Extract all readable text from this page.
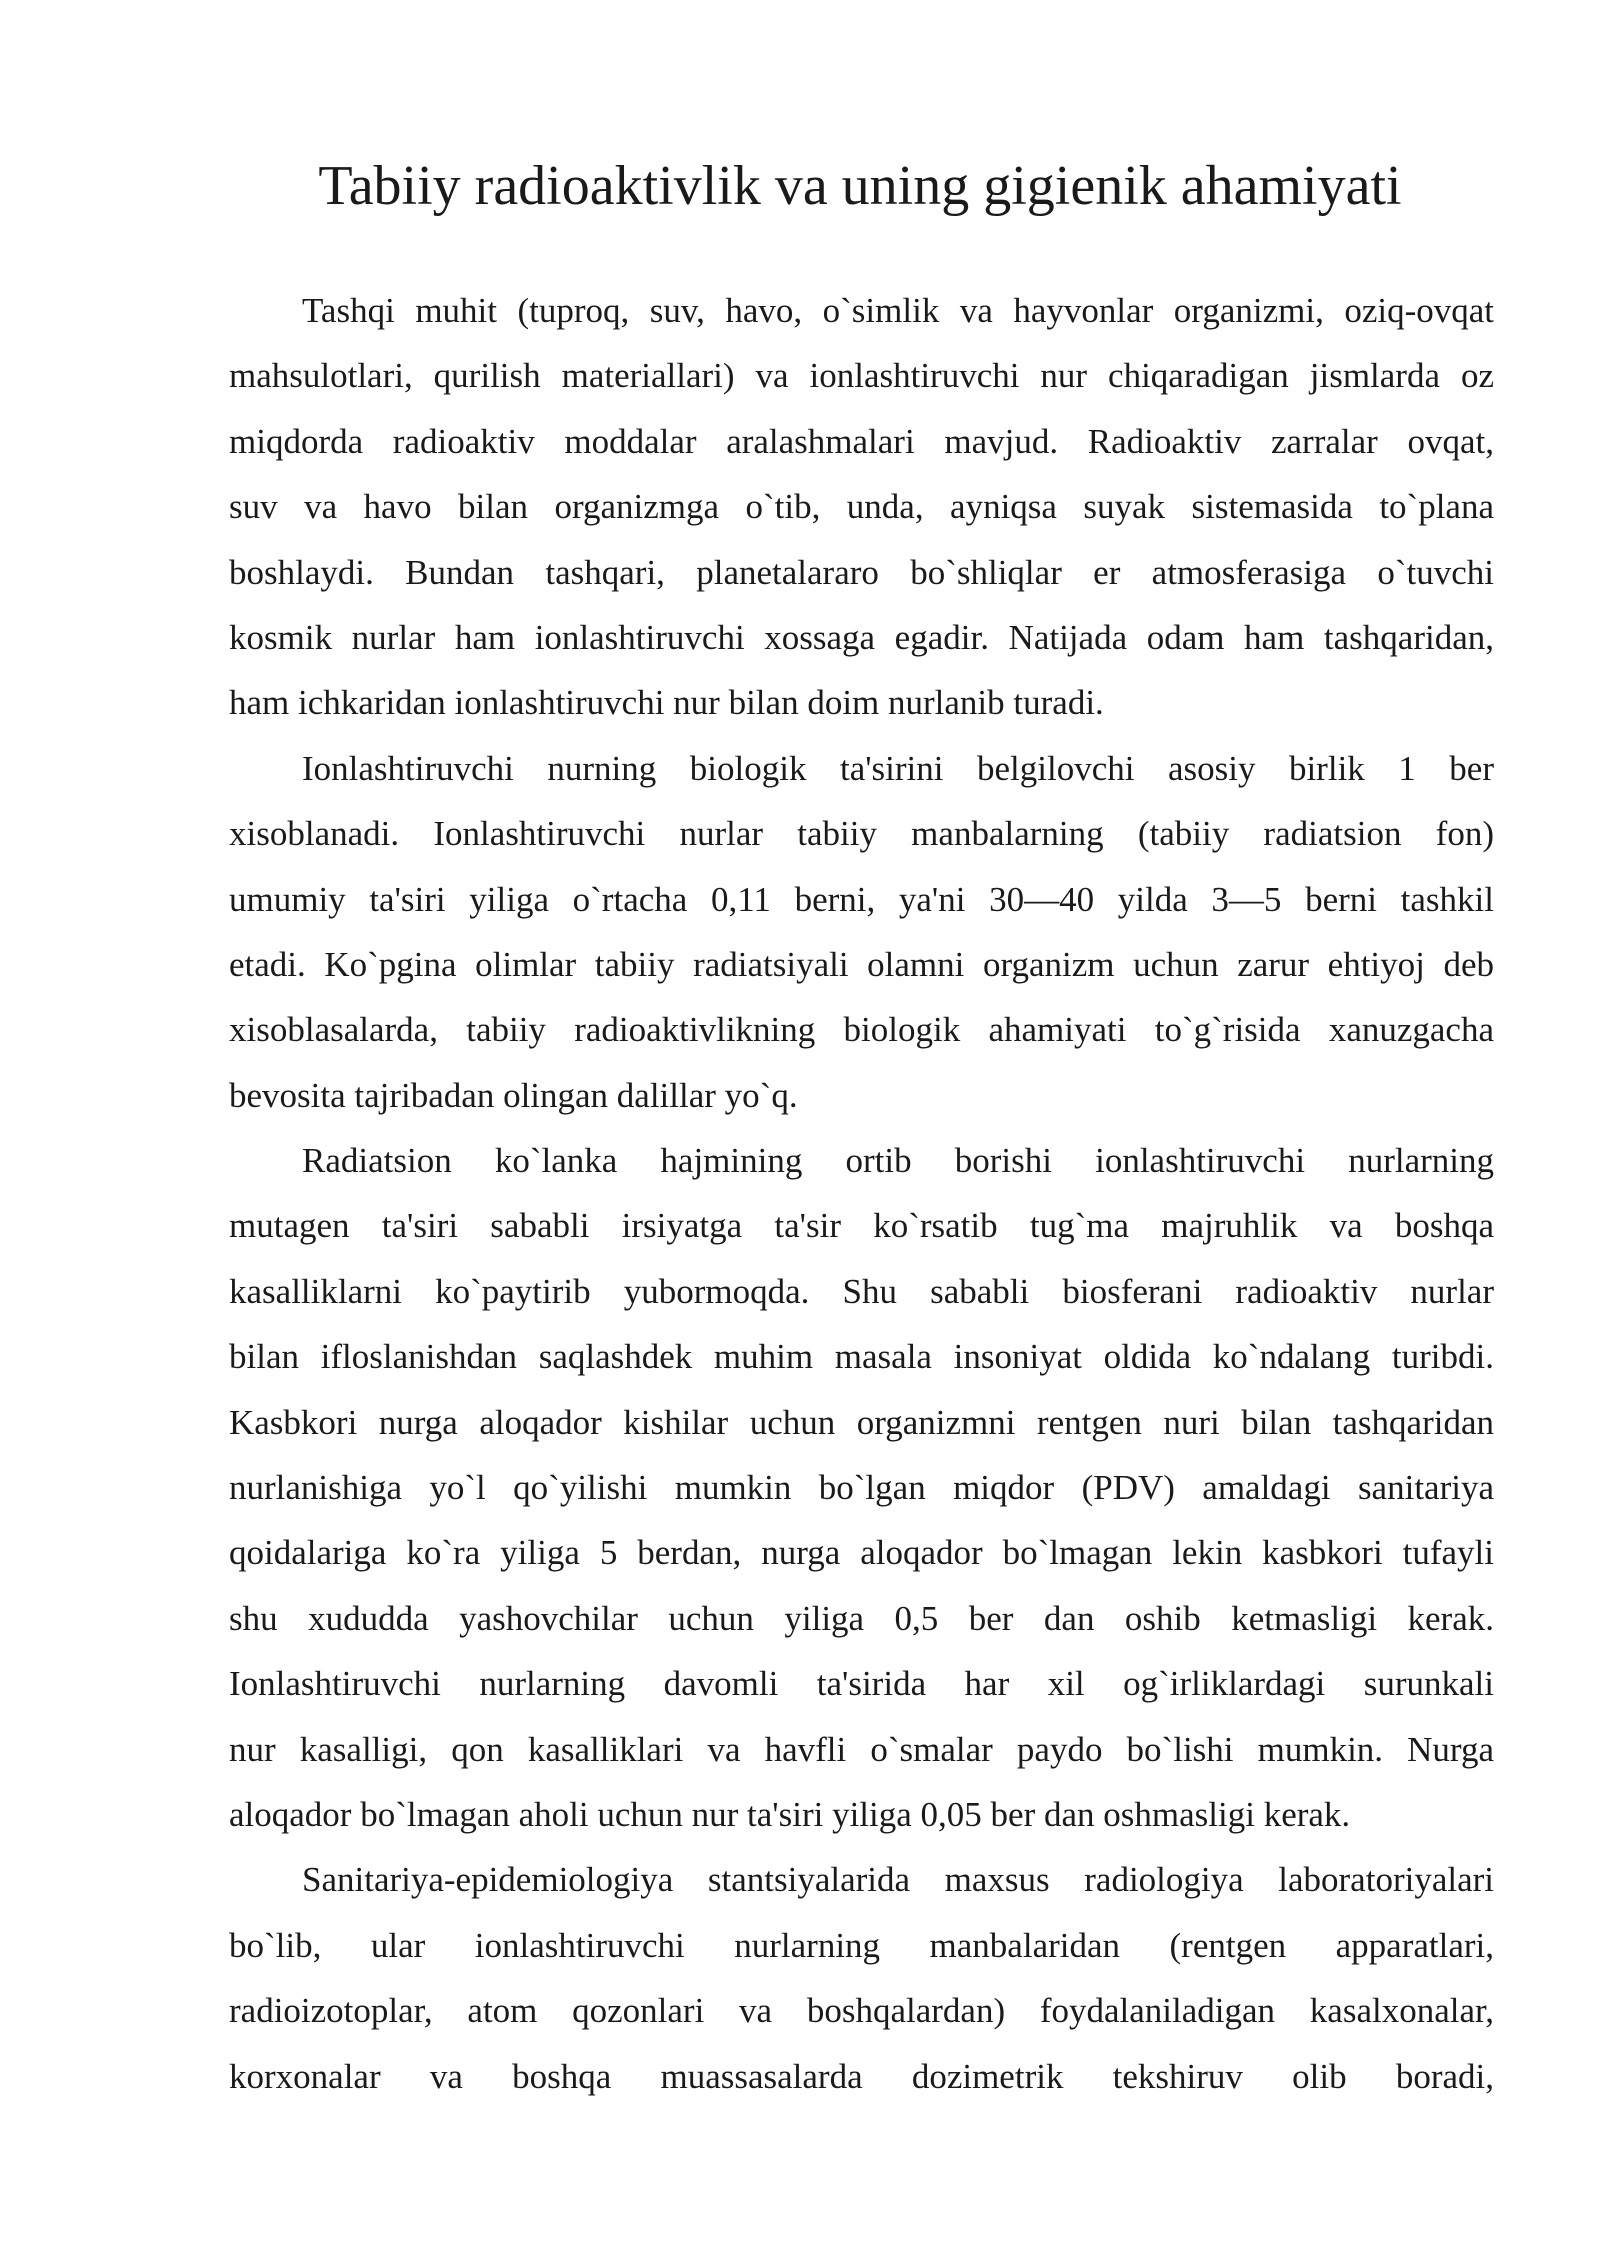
Tabiiy radioaktivlik va uning gigienik ahamiyati
Tashqi muhit (tuproq, suv, havo, o`simlik va hayvonlar organizmi, oziq-ovqat
mahsulotlari, qurilish materiallari) va ionlashtiruvchi nur chiqaradigan jismlarda oz
miqdorda radioaktiv moddalar aralashmalari mavjud. Radioaktiv zarralar ovqat,
suv va havo bilan organizmga o`tib, unda, ayniqsa suyak sistemasida to`plana
boshlaydi. Bundan tashqari, planetalararo bo`shliqlar er atmosferasiga o`tuvchi
kosmik nurlar ham ionlashtiruvchi xossaga egadir. Natijada odam ham tashqaridan,
ham ichkaridan ionlashtiruvchi nur bilan doim nurlanib turadi.
Ionlashtiruvchi nurning biologik ta'sirini belgilovchi asosiy birlik 1 ber
xisoblanadi. Ionlashtiruvchi nurlar tabiiy manbalarning (tabiiy radiatsion fon)
umumiy ta'siri yiliga o`rtacha 0,11 berni, ya'ni 30—40 yilda 3—5 berni tashkil
etadi. Ko`pgina olimlar tabiiy radiatsiyali olamni organizm uchun zarur ehtiyoj deb
xisoblasalarda, tabiiy radioaktivlikning biologik ahamiyati to`g`risida xanuzgacha
bevosita tajribadan olingan dalillar yo`q.
Radiatsion ko`lanka hajmining ortib borishi ionlashtiruvchi nurlarning
mutagen ta'siri sababli irsiyatga ta'sir ko`rsatib tug`ma majruhlik va boshqa
kasalliklarni ko`paytirib yubormoqda. Shu sababli biosferani radioaktiv nurlar
bilan ifloslanishdan saqlashdek muhim masala insoniyat oldida ko`ndalang turibdi.
Kasbkori nurga aloqador kishilar uchun organizmni rentgen nuri bilan tashqaridan
nurlanishiga yo`l qo`yilishi mumkin bo`lgan miqdor (PDV) amaldagi sanitariya
qoidalariga ko`ra yiliga 5 berdan, nurga aloqador bo`lmagan lekin kasbkori tufayli
shu xududda yashovchilar uchun yiliga 0,5 ber dan oshib ketmasligi kerak.
Ionlashtiruvchi nurlarning davomli ta'sirida har xil og`irliklardagi surunkali
nur kasalligi, qon kasalliklari va havfli o`smalar paydo bo`lishi mumkin. Nurga
aloqador bo`lmagan aholi uchun nur ta'siri yiliga 0,05 ber dan oshmasligi kerak.
Sanitariya-epidemiologiya stantsiyalarida maxsus radiologiya laboratoriyalari
bo`lib, ular ionlashtiruvchi nurlarning manbalaridan (rentgen apparatlari,
radioizotoplar, atom qozonlari va boshqalardan) foydalaniladigan kasalxonalar,
korxonalar va boshqa muassasalarda dozimetrik tekshiruv olib boradi,
